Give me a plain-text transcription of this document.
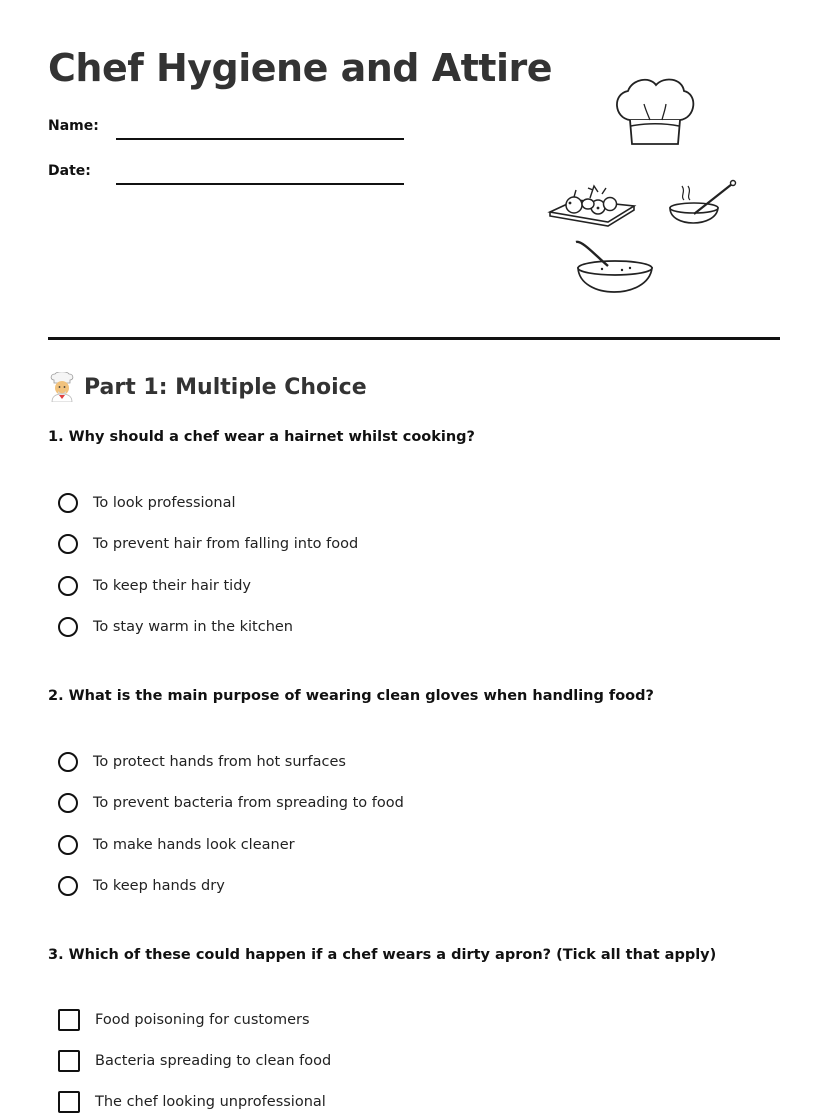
Chef Hygiene and Attire
Name:
Date:
Part 1: Multiple Choice

1. Why should a chef wear a hairnet whilst cooking?

To look professional
To prevent hair from falling into food
To keep their hair tidy
To stay warm in the kitchen

2. What is the main purpose of wearing clean gloves when handling food?

To protect hands from hot surfaces
To prevent bacteria from spreading to food
To make hands look cleaner
To keep hands dry

3. Which of these could happen if a chef wears a dirty apron? (Tick all that apply)

Food poisoning for customers
Bacteria spreading to clean food
The chef looking unprofessional
